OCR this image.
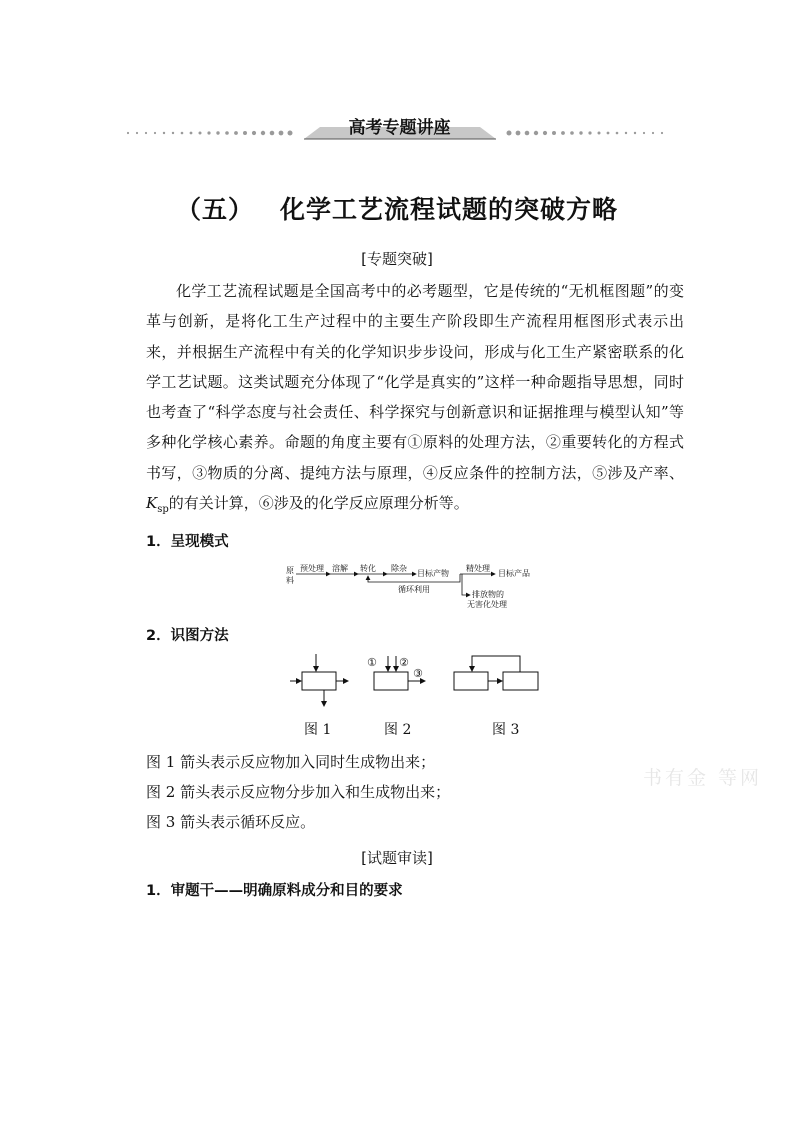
高考专题讲座
（五） 化学工艺流程试题的突破方略
[专题突破]
化学工艺流程试题是全国高考中的必考题型，它是传统的“无机框图题”的变革与创新，是将化工生产过程中的主要生产阶段即生产流程用框图形式表示出来，并根据生产流程中有关的化学知识步步设问，形成与化工生产紧密联系的化学工艺试题。这类试题充分体现了“化学是真实的”这样一种命题指导思想，同时也考查了“科学态度与社会责任、科学探究与创新意识和证据推理与模型认知”等多种化学核心素养。命题的角度主要有①原料的处理方法，②重要转化的方程式书写，③物质的分离、提纯方法与原理，④反应条件的控制方法，⑤涉及产率、$K_{sp}$的有关计算，⑥涉及的化学反应原理分析等。
1．呈现模式
原
料
预处理 溶解 转化 除杂
目标产物
精处理
目标产品
循环利用
排放物的
无害化处理
2．识图方法
① ②
③
图 1	图 2	图 3
图 1 箭头表示反应物加入同时生成物出来；
图 2 箭头表示反应物分步加入和生成物出来；
图 3 箭头表示循环反应。
书有金 等网
[试题审读]
1．审题干——明确原料成分和目的要求
